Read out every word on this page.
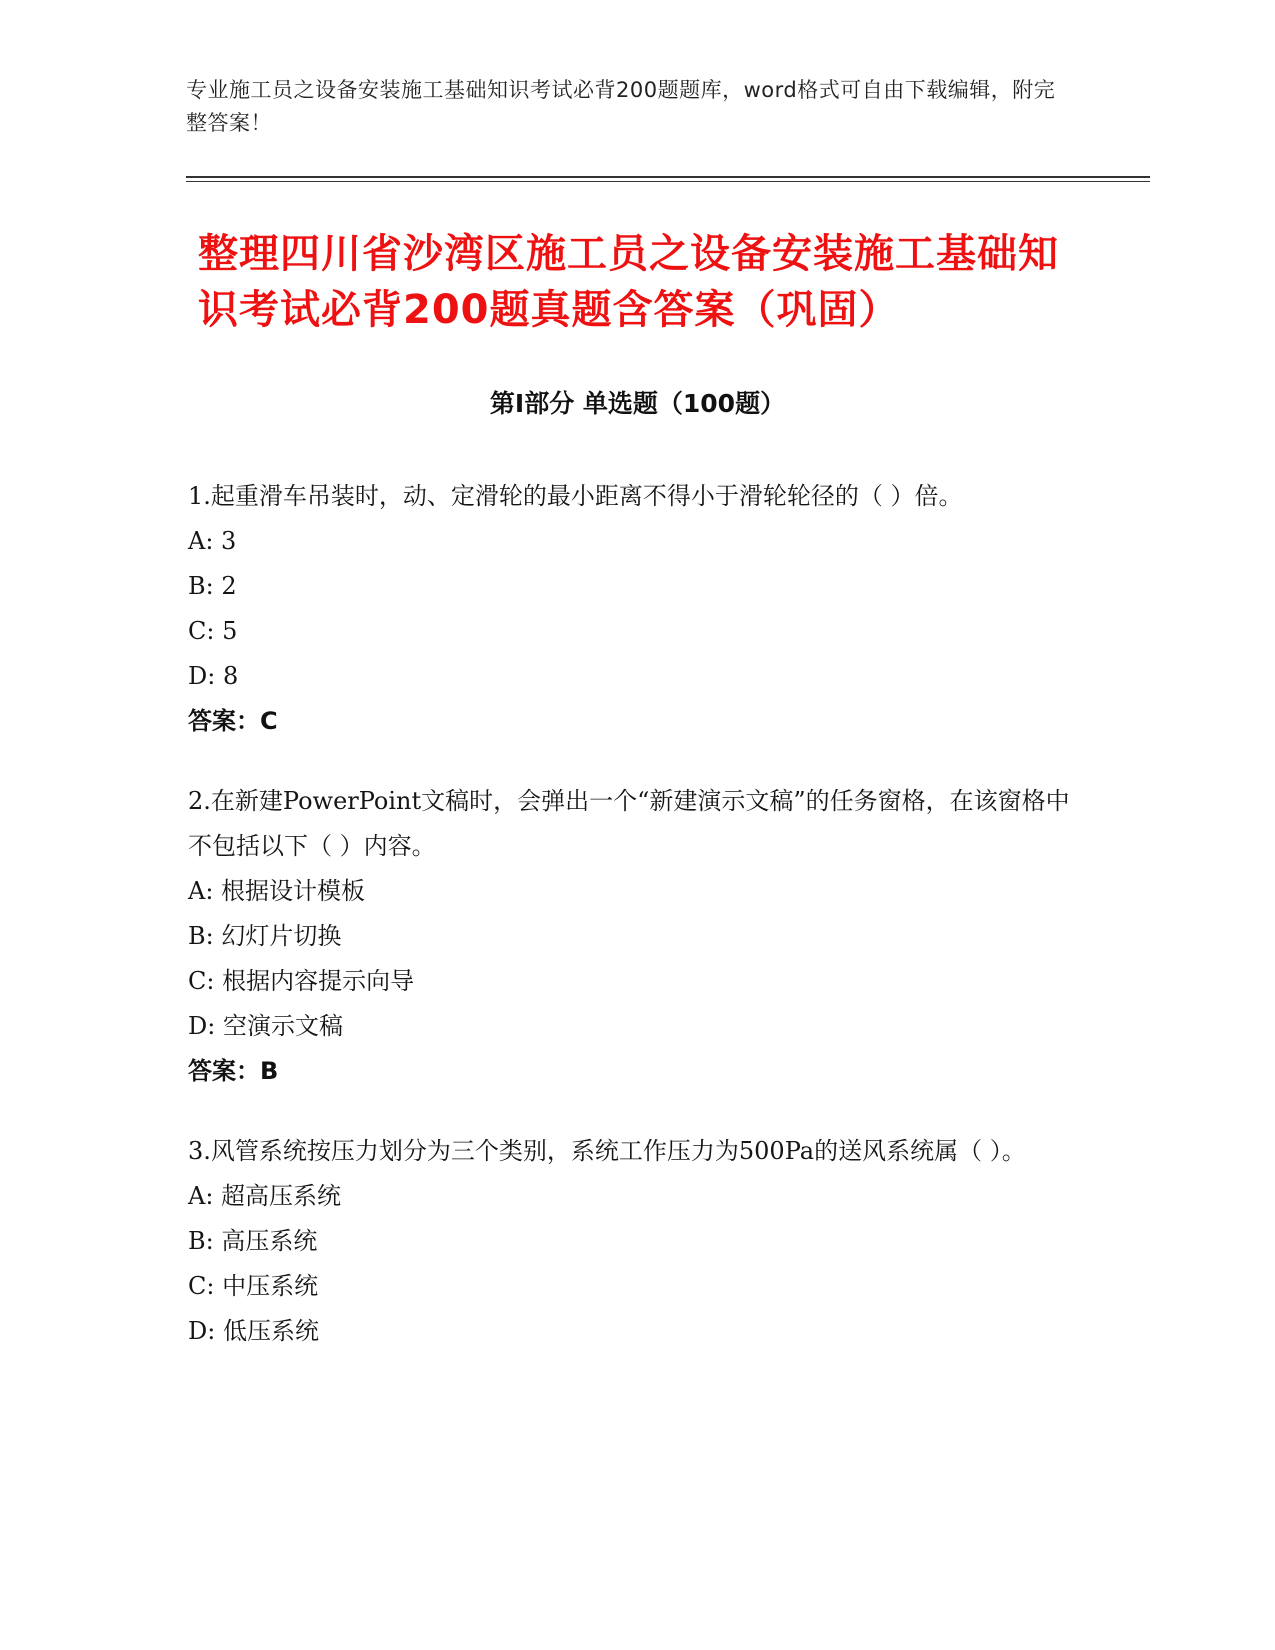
专业施工员之设备安装施工基础知识考试必背200题题库，word格式可自由下载编辑，附完整答案！
整理四川省沙湾区施工员之设备安装施工基础知识考试必背200题真题含答案（巩固）
第Ⅰ部分 单选题（100题）

1.起重滑车吊装时，动、定滑轮的最小距离不得小于滑轮轮径的（ ）倍。

A: 3

B: 2

C: 5

D: 8

答案：C

2.在新建PowerPoint文稿时，会弹出一个“新建演示文稿”的任务窗格，在该窗格中不包括以下（ ）内容。

A: 根据设计模板

B: 幻灯片切换

C: 根据内容提示向导

D: 空演示文稿

答案：B

3.风管系统按压力划分为三个类别，系统工作压力为500Pa的送风系统属（ ）。

A: 超高压系统

B: 高压系统

C: 中压系统

D: 低压系统
